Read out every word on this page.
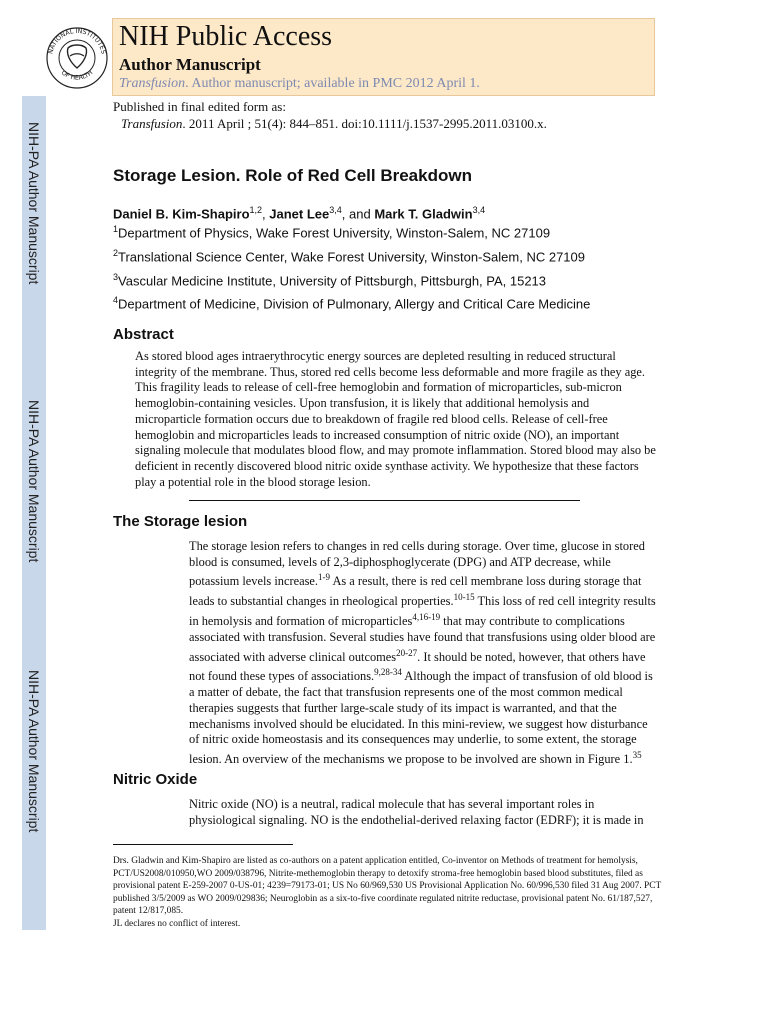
NIH-PA Author Manuscript
NIH-PA Author Manuscript
NIH-PA Author Manuscript
NATIONAL INSTITUTES
OF HEALTH
NIH Public Access
Author Manuscript
Transfusion. Author manuscript; available in PMC 2012 April 1.
Published in final edited form as:
Transfusion. 2011 April ; 51(4): 844–851. doi:10.1111/j.1537-2995.2011.03100.x.
Storage Lesion. Role of Red Cell Breakdown
Daniel B. Kim-Shapiro$^{1,2}$, Janet Lee$^{3,4}$, and Mark T. Gladwin$^{3,4}$
$^1$Department of Physics, Wake Forest University, Winston-Salem, NC 27109
$^2$Translational Science Center, Wake Forest University, Winston-Salem, NC 27109
$^3$Vascular Medicine Institute, University of Pittsburgh, Pittsburgh, PA, 15213
$^4$Department of Medicine, Division of Pulmonary, Allergy and Critical Care Medicine
Abstract
As stored blood ages intraerythrocytic energy sources are depleted resulting in reduced structural integrity of the membrane. Thus, stored red cells become less deformable and more fragile as they age. This fragility leads to release of cell-free hemoglobin and formation of microparticles, sub-micron hemoglobin-containing vesicles. Upon transfusion, it is likely that additional hemolysis and microparticle formation occurs due to breakdown of fragile red blood cells. Release of cell-free hemoglobin and microparticles leads to increased consumption of nitric oxide (NO), an important signaling molecule that modulates blood flow, and may promote inflammation. Stored blood may also be deficient in recently discovered blood nitric oxide synthase activity. We hypothesize that these factors play a potential role in the blood storage lesion.
The Storage lesion
The storage lesion refers to changes in red cells during storage. Over time, glucose in stored blood is consumed, levels of 2,3-diphosphoglycerate (DPG) and ATP decrease, while potassium levels increase.$^{1-9}$ As a result, there is red cell membrane loss during storage that leads to substantial changes in rheological properties.$^{10-15}$ This loss of red cell integrity results in hemolysis and formation of microparticles$^{4,16-19}$ that may contribute to complications associated with transfusion. Several studies have found that transfusions using older blood are associated with adverse clinical outcomes$^{20-27}$. It should be noted, however, that others have not found these types of associations.$^{9,28-34}$ Although the impact of transfusion of old blood is a matter of debate, the fact that transfusion represents one of the most common medical therapies suggests that further large-scale study of its impact is warranted, and that the mechanisms involved should be elucidated. In this mini-review, we suggest how disturbance of nitric oxide homeostasis and its consequences may underlie, to some extent, the storage lesion. An overview of the mechanisms we propose to be involved are shown in Figure 1.35
Nitric Oxide
Nitric oxide (NO) is a neutral, radical molecule that has several important roles in physiological signaling. NO is the endothelial-derived relaxing factor (EDRF); it is made in
Drs. Gladwin and Kim-Shapiro are listed as co-authors on a patent application entitled, Co-inventor on Methods of treatment for hemolysis, PCT/US2008/010950,WO 2009/038796, Nitrite-methemoglobin therapy to detoxify stroma-free hemoglobin based blood substitutes, filed as provisional patent E-259-2007 0-US-01; 4239=79173-01; US No 60/969,530 US Provisional Application No. 60/996,530 filed 31 Aug 2007. PCT published 3/5/2009 as WO 2009/029836; Neuroglobin as a six-to-five coordinate regulated nitrite reductase, provisional patent No. 61/187,527, patent 12/817,085.
JL declares no conflict of interest.
